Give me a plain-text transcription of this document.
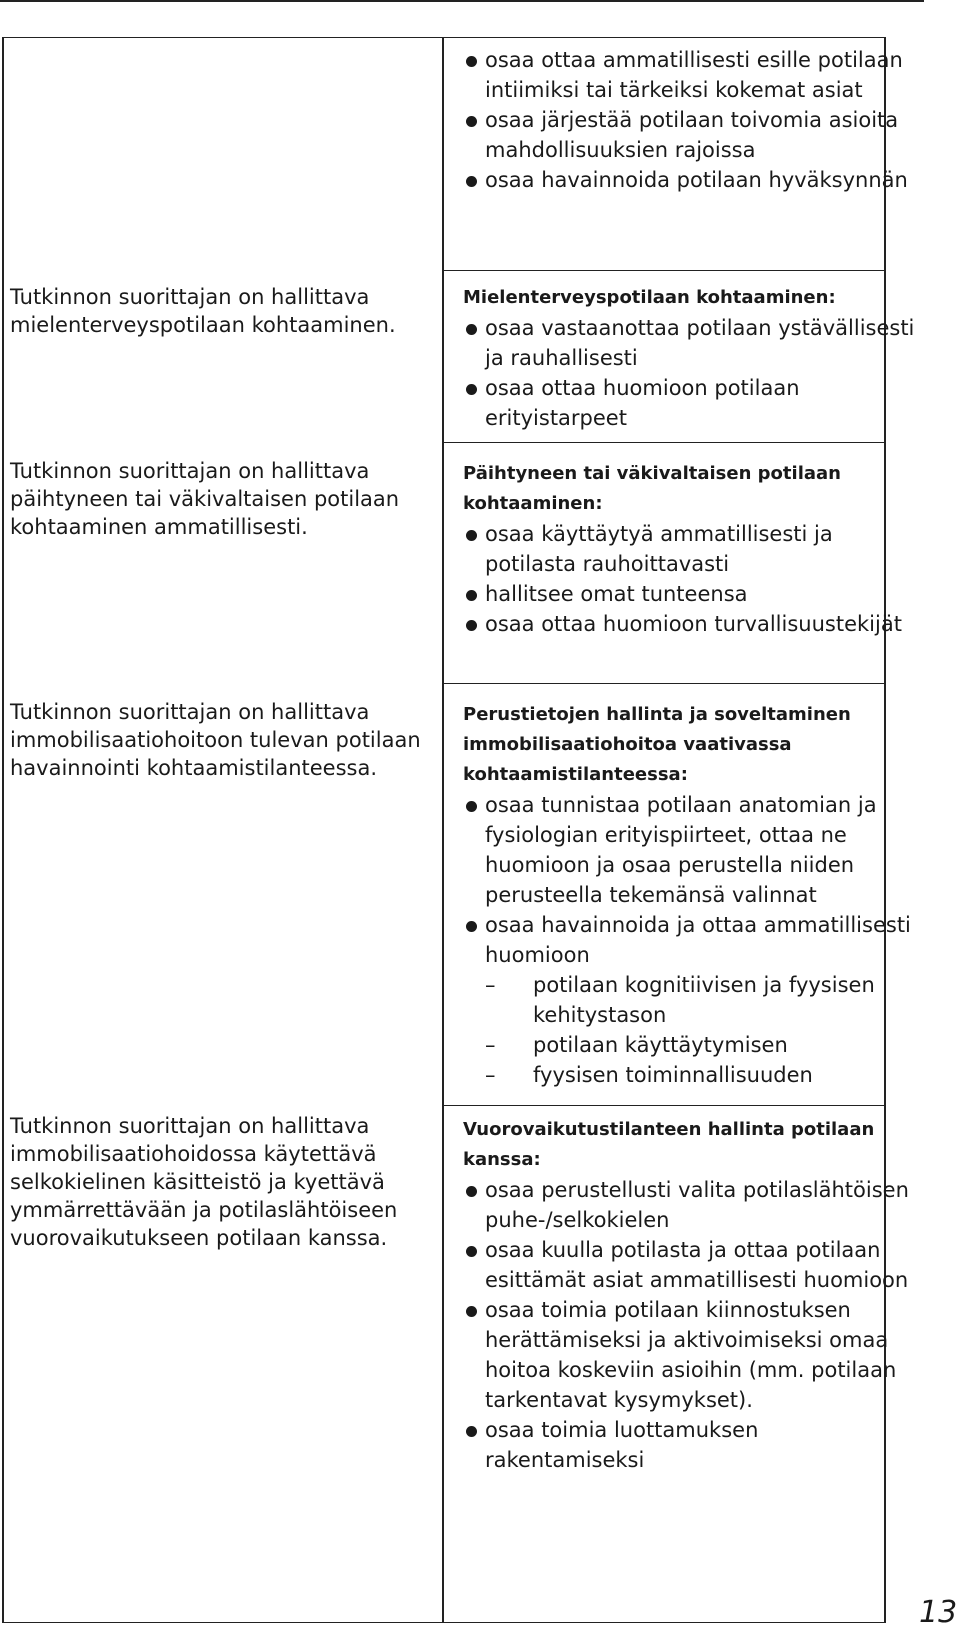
osaa ottaa ammatillisesti esille potilaan intiimiksi tai tärkeiksi kokemat asiat
osaa järjestää potilaan toivomia asioita mahdollisuuksien rajoissa
osaa havainnoida potilaan hyväksynnän
Tutkinnon suorittajan on hallittava mielenterveyspotilaan kohtaaminen.
Mielenterveyspotilaan kohtaaminen:
osaa vastaanottaa potilaan ystävällisesti ja rauhallisesti
osaa ottaa huomioon potilaan erityistarpeet
Tutkinnon suorittajan on hallittava päihtyneen tai väkivaltaisen potilaan kohtaaminen ammatillisesti.
Päihtyneen tai väkivaltaisen potilaan kohtaaminen:
osaa käyttäytyä ammatillisesti ja potilasta rauhoittavasti
hallitsee omat tunteensa
osaa ottaa huomioon turvallisuustekijät
Tutkinnon suorittajan on hallittava immobilisaatiohoitoon tulevan potilaan havainnointi kohtaamistilanteessa.
Perustietojen hallinta ja soveltaminen immobilisaatiohoitoa vaativassa kohtaamistilanteessa:
osaa tunnistaa potilaan anatomian ja fysiologian erityispiirteet, ottaa ne huomioon ja osaa perustella niiden perusteella tekemänsä valinnat
osaa havainnoida ja ottaa ammatillisesti huomioon
– potilaan kognitiivisen ja fyysisen kehitystason
– potilaan käyttäytymisen
– fyysisen toiminnallisuuden
Tutkinnon suorittajan on hallittava immobilisaatiohoidossa käytettävä selkokielinen käsitteistö ja kyettävä ymmärrettävään ja potilaslähtöiseen vuorovaikutukseen potilaan kanssa.
Vuorovaikutustilanteen hallinta potilaan kanssa:
osaa perustellusti valita potilaslähtöisen puhe-/selkokielen
osaa kuulla potilasta ja ottaa potilaan esittämät asiat ammatillisesti huomioon
osaa toimia potilaan kiinnostuksen herättämiseksi ja aktivoimiseksi omaa hoitoa koskeviin asioihin (mm. potilaan tarkentavat kysymykset).
osaa toimia luottamuksen rakentamiseksi
13
